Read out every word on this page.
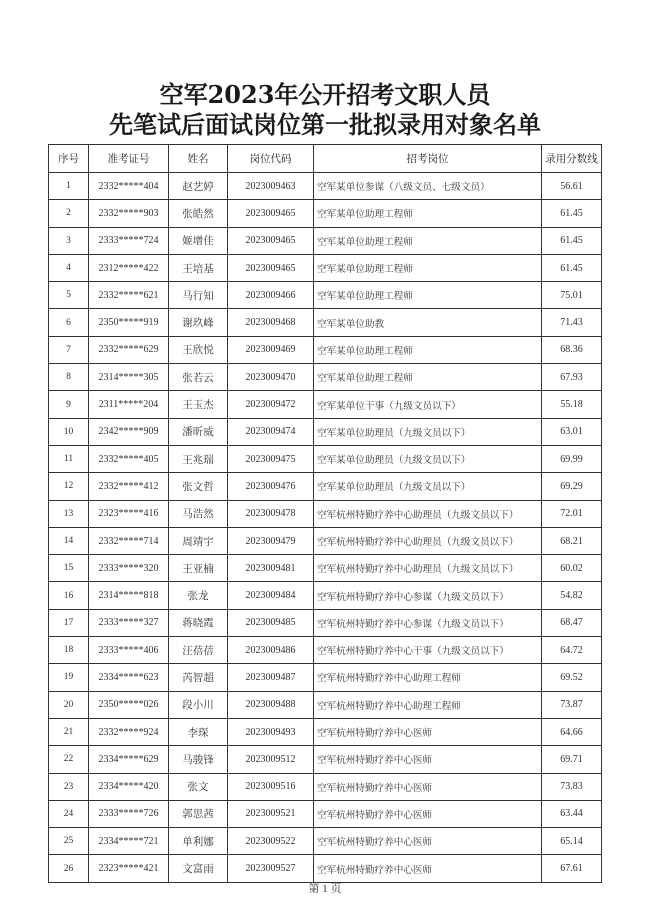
空军2023年公开招考文职人员
先笔试后面试岗位第一批拟录用对象名单
序号	准考证号	姓名	岗位代码	招考岗位	录用分数线
1	2332*****404	赵艺婷	2023009463	空军某单位参谋（八级文员、七级文员）	56.61
2	2332*****903	张皓然	2023009465	空军某单位助理工程师	61.45
3	2333*****724	姬增佳	2023009465	空军某单位助理工程师	61.45
4	2312*****422	王培基	2023009465	空军某单位助理工程师	61.45
5	2332*****621	马行知	2023009466	空军某单位助理工程师	75.01
6	2350*****919	谢玖峰	2023009468	空军某单位助教	71.43
7	2332*****629	王欣悦	2023009469	空军某单位助理工程师	68.36
8	2314*****305	张若云	2023009470	空军某单位助理工程师	67.93
9	2311*****204	王玉杰	2023009472	空军某单位干事（九级文员以下）	55.18
10	2342*****909	潘昕威	2023009474	空军某单位助理员（九级文员以下）	63.01
11	2332*****405	王兆瑞	2023009475	空军某单位助理员（九级文员以下）	69.99
12	2332*****412	张文哲	2023009476	空军某单位助理员（九级文员以下）	69.29
13	2323*****416	马浩然	2023009478	空军杭州特勤疗养中心助理员（九级文员以下）	72.01
14	2332*****714	周靖宇	2023009479	空军杭州特勤疗养中心助理员（九级文员以下）	68.21
15	2333*****320	王亚楠	2023009481	空军杭州特勤疗养中心助理员（九级文员以下）	60.02
16	2314*****818	张龙	2023009484	空军杭州特勤疗养中心参谋（九级文员以下）	54.82
17	2333*****327	蒋晓霞	2023009485	空军杭州特勤疗养中心参谋（九级文员以下）	68.47
18	2333*****406	汪蓓蓓	2023009486	空军杭州特勤疗养中心干事（九级文员以下）	64.72
19	2334*****623	芮智超	2023009487	空军杭州特勤疗养中心助理工程师	69.52
20	2350*****026	段小川	2023009488	空军杭州特勤疗养中心助理工程师	73.87
21	2332*****924	李琛	2023009493	空军杭州特勤疗养中心医师	64.66
22	2334*****629	马骏锋	2023009512	空军杭州特勤疗养中心医师	69.71
23	2334*****420	张文	2023009516	空军杭州特勤疗养中心医师	73.83
24	2333*****726	郭思茜	2023009521	空军杭州特勤疗养中心医师	63.44
25	2334*****721	单利娜	2023009522	空军杭州特勤疗养中心医师	65.14
26	2323*****421	文富雨	2023009527	空军杭州特勤疗养中心医师	67.61
第 1 页
